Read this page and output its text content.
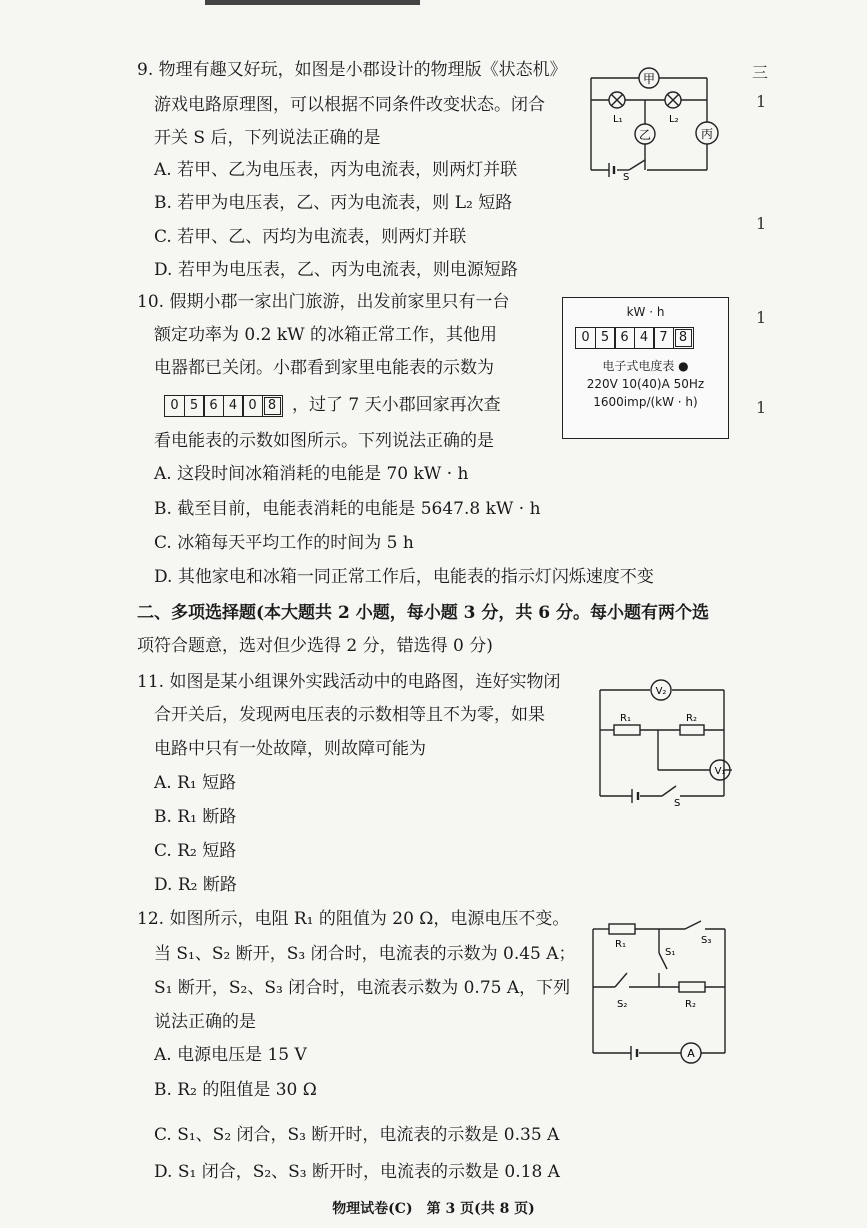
三
1
1
1
1
9. 物理有趣又好玩，如图是小郡设计的物理版《状态机》
游戏电路原理图，可以根据不同条件改变状态。闭合
开关 S 后，下列说法正确的是
A. 若甲、乙为电压表，丙为电流表，则两灯并联
B. 若甲为电压表，乙、丙为电流表，则 L₂ 短路
C. 若甲、乙、丙均为电流表，则两灯并联
D. 若甲为电压表，乙、丙为电流表，则电源短路
甲
乙	丙
L₁	L₂
S
10. 假期小郡一家出门旅游，出发前家里只有一台
额定功率为 0.2 kW 的冰箱正常工作，其他用
电器都已关闭。小郡看到家里电能表的示数为
0 5 6 4 0 8 ，过了 7 天小郡回家再次查
看电能表的示数如图所示。下列说法正确的是
A. 这段时间冰箱消耗的电能是 70 kW · h
B. 截至目前，电能表消耗的电能是 5647.8 kW · h
C. 冰箱每天平均工作的时间为 5 h
D. 其他家电和冰箱一同正常工作后，电能表的指示灯闪烁速度不变
kW · h
0 5 6 4 7 8
电子式电度表 ●
220V 10(40)A 50Hz
1600imp/(kW · h)
二、多项选择题(本大题共 2 小题，每小题 3 分，共 6 分。每小题有两个选
项符合题意，选对但少选得 2 分，错选得 0 分)
11. 如图是某小组课外实践活动中的电路图，连好实物闭
合开关后，发现两电压表的示数相等且不为零，如果
电路中只有一处故障，则故障可能为
A. R₁ 短路
B. R₁ 断路
C. R₂ 短路
D. R₂ 断路
V₂
V₁
R₁	R₂
S
12. 如图所示，电阻 R₁ 的阻值为 20 Ω，电源电压不变。
当 S₁、S₂ 断开，S₃ 闭合时，电流表的示数为 0.45 A；
S₁ 断开，S₂、S₃ 闭合时，电流表示数为 0.75 A，下列
说法正确的是
A. 电源电压是 15 V
B. R₂ 的阻值是 30 Ω
C. S₁、S₂ 闭合，S₃ 断开时，电流表的示数是 0.35 A
D. S₁ 闭合，S₂、S₃ 断开时，电流表的示数是 0.18 A
R₁
R₂
S₁
S₂
S₃
A
物理试卷(C)　第 3 页(共 8 页)
